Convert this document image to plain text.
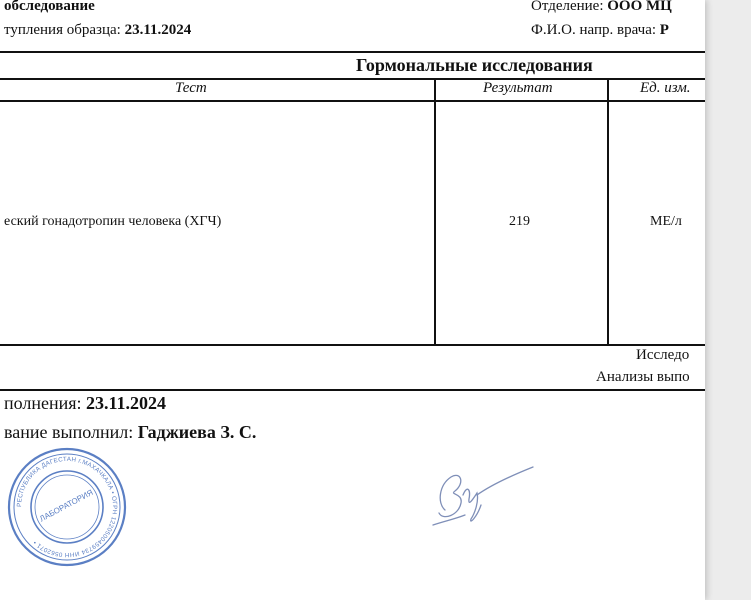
обследование
тупления образца: 23.11.2024
Отделение: ООО МЦ
Ф.И.О. напр. врача: Р
Гормональные исследования
Тест	Результат	Ед. изм.
еский гонадотропин человека (ХГЧ)	219	МЕ/л
Исследо
Анализы выпо
полнения: 23.11.2024
вание выполнил: Гаджиева З. С.
РЕСПУБЛИКА ДАГЕСТАН г.МАХАЧКАЛА • ОГРН 1220500459734 ИНН 0562071 •
ЛАБОРАТОРИЯ
